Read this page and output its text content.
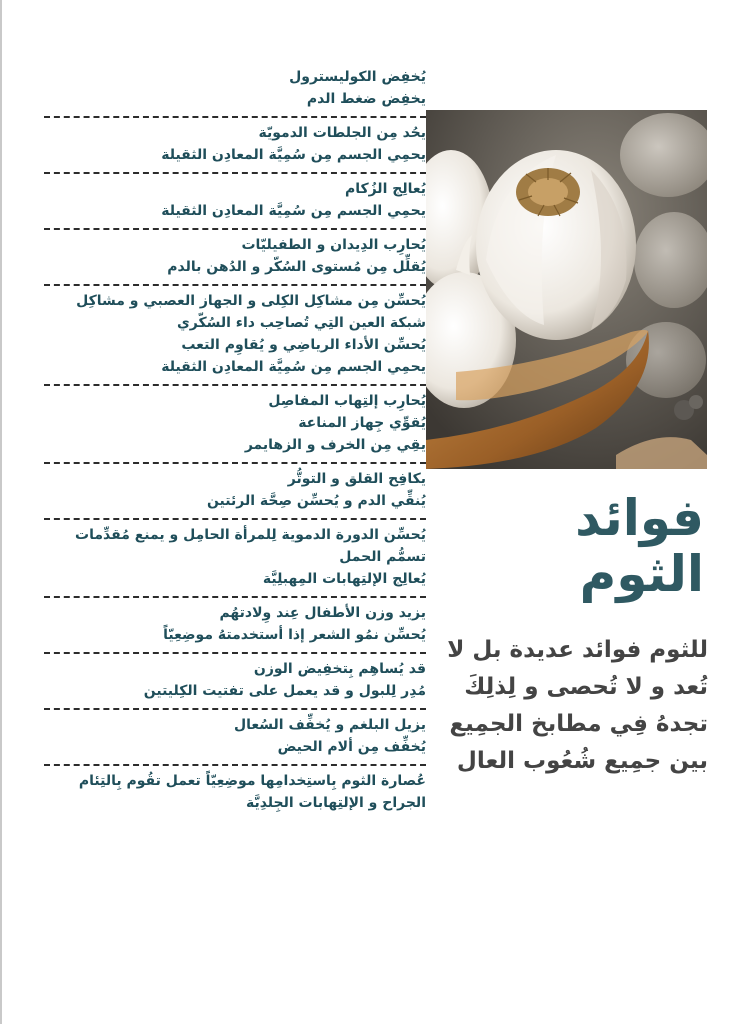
يُخفِض الكوليسترول
يخفِض ضغط الدم
يحُد مِن الجلطات الدمويّة
يحمِي الجسم مِن سُمِيَّة المعادِن الثقيلة
يُعالِج الزُكام
يحمِي الجسم مِن سُمِيَّة المعادِن الثقيلة
يُحارِب الدِيدان و الطفيليّات
يُقلِّل مِن مُستوى السُكّر و الدُهن بالدم
يُحسِّن مِن مشاكِل الكِلى و الجهاز العصبي و مشاكِل شبكة العين التِي تُصاحِب داء السُكّري
يُحسِّن الأداء الرياضِي و يُقاوِم التعب
يحمِي الجسم مِن سُمِيَّة المعادِن الثقيلة
يُحارِب إلتِهاب المفاصِل
يُقوِّي جِهاز المناعة
يقِي مِن الخرف و الزهايمر
يكافِح القلق و التوتُّر
يُنقِّي الدم و يُحسِّن صِحَّة الرئتين
يُحسِّن الدورة الدموية لِلمرأة الحامِل و يمنع مُقدِّمات تسمُّم الحمل
يُعالِج الإلتِهابات المِهبلِيَّة
يزيد وزن الأطفال عِند وِلادتهُم
يُحسِّن نمُو الشعر إذا أستخدمتهُ موضِعِيّاً
قد يُساهِم بِتخفِيض الوزن
مُدِر لِلبول و قد يعمل على تفتيت الكِليتين
يزيل البلغم و يُخفِّف السُعال
يُخفِّف مِن ألام الحيض
عُصارة الثوم بِاستِخدامِها موضِعِيّاً تعمل تقُوم بِالتِئام الجراح و الإلتِهابات الجِلدِيَّة
فوائد الثوم
للثوم فوائد عديدة بل لا تُعد و لا تُحصى و لِذلِكَ تجدهُ فِي مطابخ الجمِيع بين جمِيع شُعُوب العال
